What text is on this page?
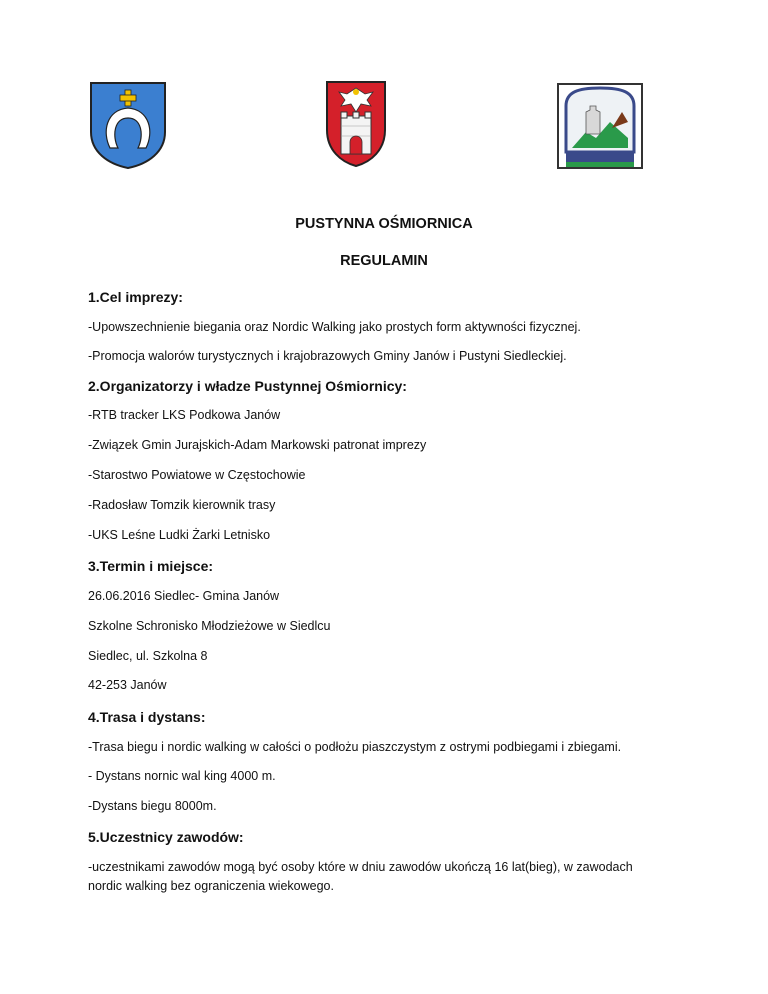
PUSTYNNA OŚMIORNICA
REGULAMIN
1.Cel imprezy:
-Upowszechnienie biegania oraz Nordic Walking jako prostych form aktywności fizycznej.
-Promocja walorów turystycznych i krajobrazowych Gminy Janów i Pustyni Siedleckiej.
2.Organizatorzy i władze Pustynnej Ośmiornicy:
-RTB tracker LKS Podkowa Janów
-Związek Gmin Jurajskich-Adam Markowski patronat imprezy
-Starostwo Powiatowe w Częstochowie
-Radosław Tomzik kierownik trasy
-UKS Leśne Ludki Żarki Letnisko
3.Termin i miejsce:
26.06.2016 Siedlec- Gmina Janów
Szkolne Schronisko Młodzieżowe w Siedlcu
Siedlec, ul. Szkolna 8
42-253 Janów
4.Trasa i dystans:
-Trasa biegu i nordic walking w całości o podłożu piaszczystym z ostrymi podbiegami i zbiegami.
- Dystans nornic wal king 4000 m.
-Dystans biegu 8000m.
5.Uczestnicy zawodów:
-uczestnikami zawodów mogą być osoby które w dniu zawodów ukończą 16 lat(bieg), w zawodach
nordic walking bez ograniczenia wiekowego.
